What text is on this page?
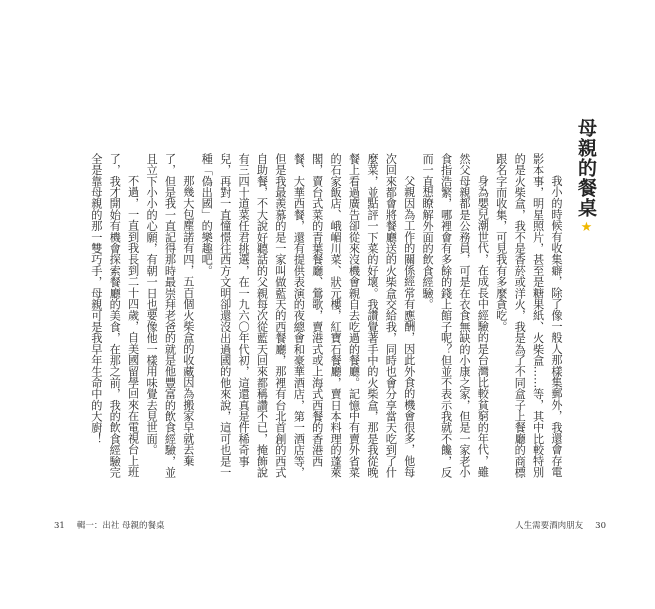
母親的餐桌
★

我小的時候有收集癖，除了像一般人那樣集郵外，我還會存電影本事，明星照片，甚至是糖果紙、火柴盒……等，其中比較特別的是火柴盒，我不是香菸或洋火，我是為了不同盒子上餐廳的商標跟名字而收集，可見我有多麼貪吃。

身為嬰兒潮世代，在成長中經驗的是台灣比較貧窮的年代，雖然父母親都是公務員，可是在衣食無缺的小康之家，但是一家老小食指浩繁，哪裡會有多餘的錢上館子呢？但並不表示我就不饞，反而一直想瞭解外面的飲食經驗。

父親因為工作的關係經常有應酬，因此外食的機會很多，他每次回來都會將餐廳送的火柴盒交給我，同時也會分享當天吃到了什麼菜，並點評一下菜的好壞。我讚覺著手中的火柴盒，那是我從晚餐上看過廣告卻從來沒機會親自去吃過的餐廳。記憶中有賣外省菜的石家飯店、峨嵋川菜、狀元樓，紅寶石餐廳，賣日本料理的蓬萊閣，賣台式菜的青葉餐廳、鶯歌，賣港式或上海式西餐的香港西餐、大華西餐，還有提供表演的夜總會和豪華酒店，第一酒店等，但是我最羨慕的是一家叫做藍天的西餐廳，那裡有台北首創的西式自助餐，不大說好聽話的父親每次從藍天回來都稱讚不已，掩飾說有三四十道菜任君挑選，在一九六〇年代初，這還真是件稀奇事兒，再對一直憧憬往西方文明卻還沒出過國的他來說，這可也是一種「偽出國」的樂趣吧。

那幾大包塵諾有四，五百個火柴盒的收藏因為搬家早就丟棄了，但是我一直記得那時最崇拜老爸的就是他豐富的飲食經驗，並且立下小小的心願，有朝一日也要像他一樣用味覺去見世面。

不過，一直到我長到二十四歲，自美國留學回來在電視台上班了，我才開始有機會探索餐廳的美食，在那之前，我的飲食經驗完全是靠母親的那一雙巧手，母親可是我早年生命中的大廚！

31 輯一：出社 母親的餐桌	人生需要酒肉朋友 30
